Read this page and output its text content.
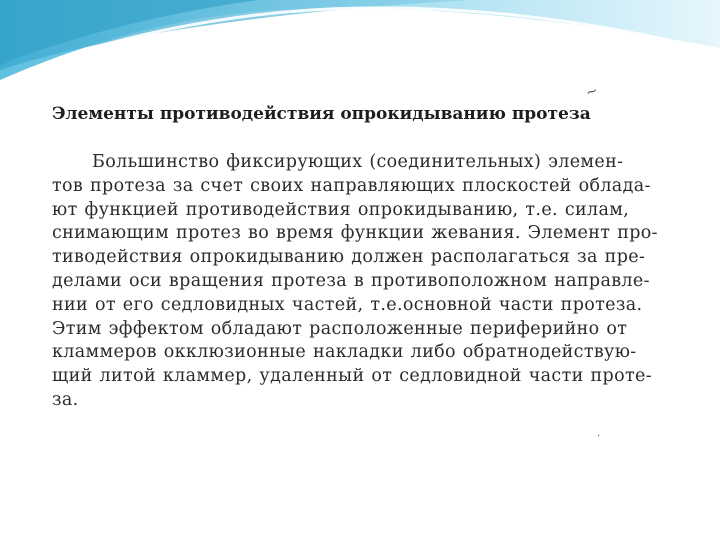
Элементы противодействия опрокидыванию протеза
~
Большинство фиксирующих (соединительных) элемен-
тов протеза за счет своих направляющих плоскостей облада-
ют функцией противодействия опрокидыванию, т.е. силам,
снимающим протез во время функции жевания. Элемент про-
тиводействия опрокидыванию должен располагаться за пре-
делами оси вращения протеза в противоположном направле-
нии от его седловидных частей, т.е.основной части протеза.
Этим эффектом обладают расположенные периферийно от
кламмеров окклюзионные накладки либо обратнодействую-
щий литой кламмер, удаленный от седловидной части проте-
за.
.
